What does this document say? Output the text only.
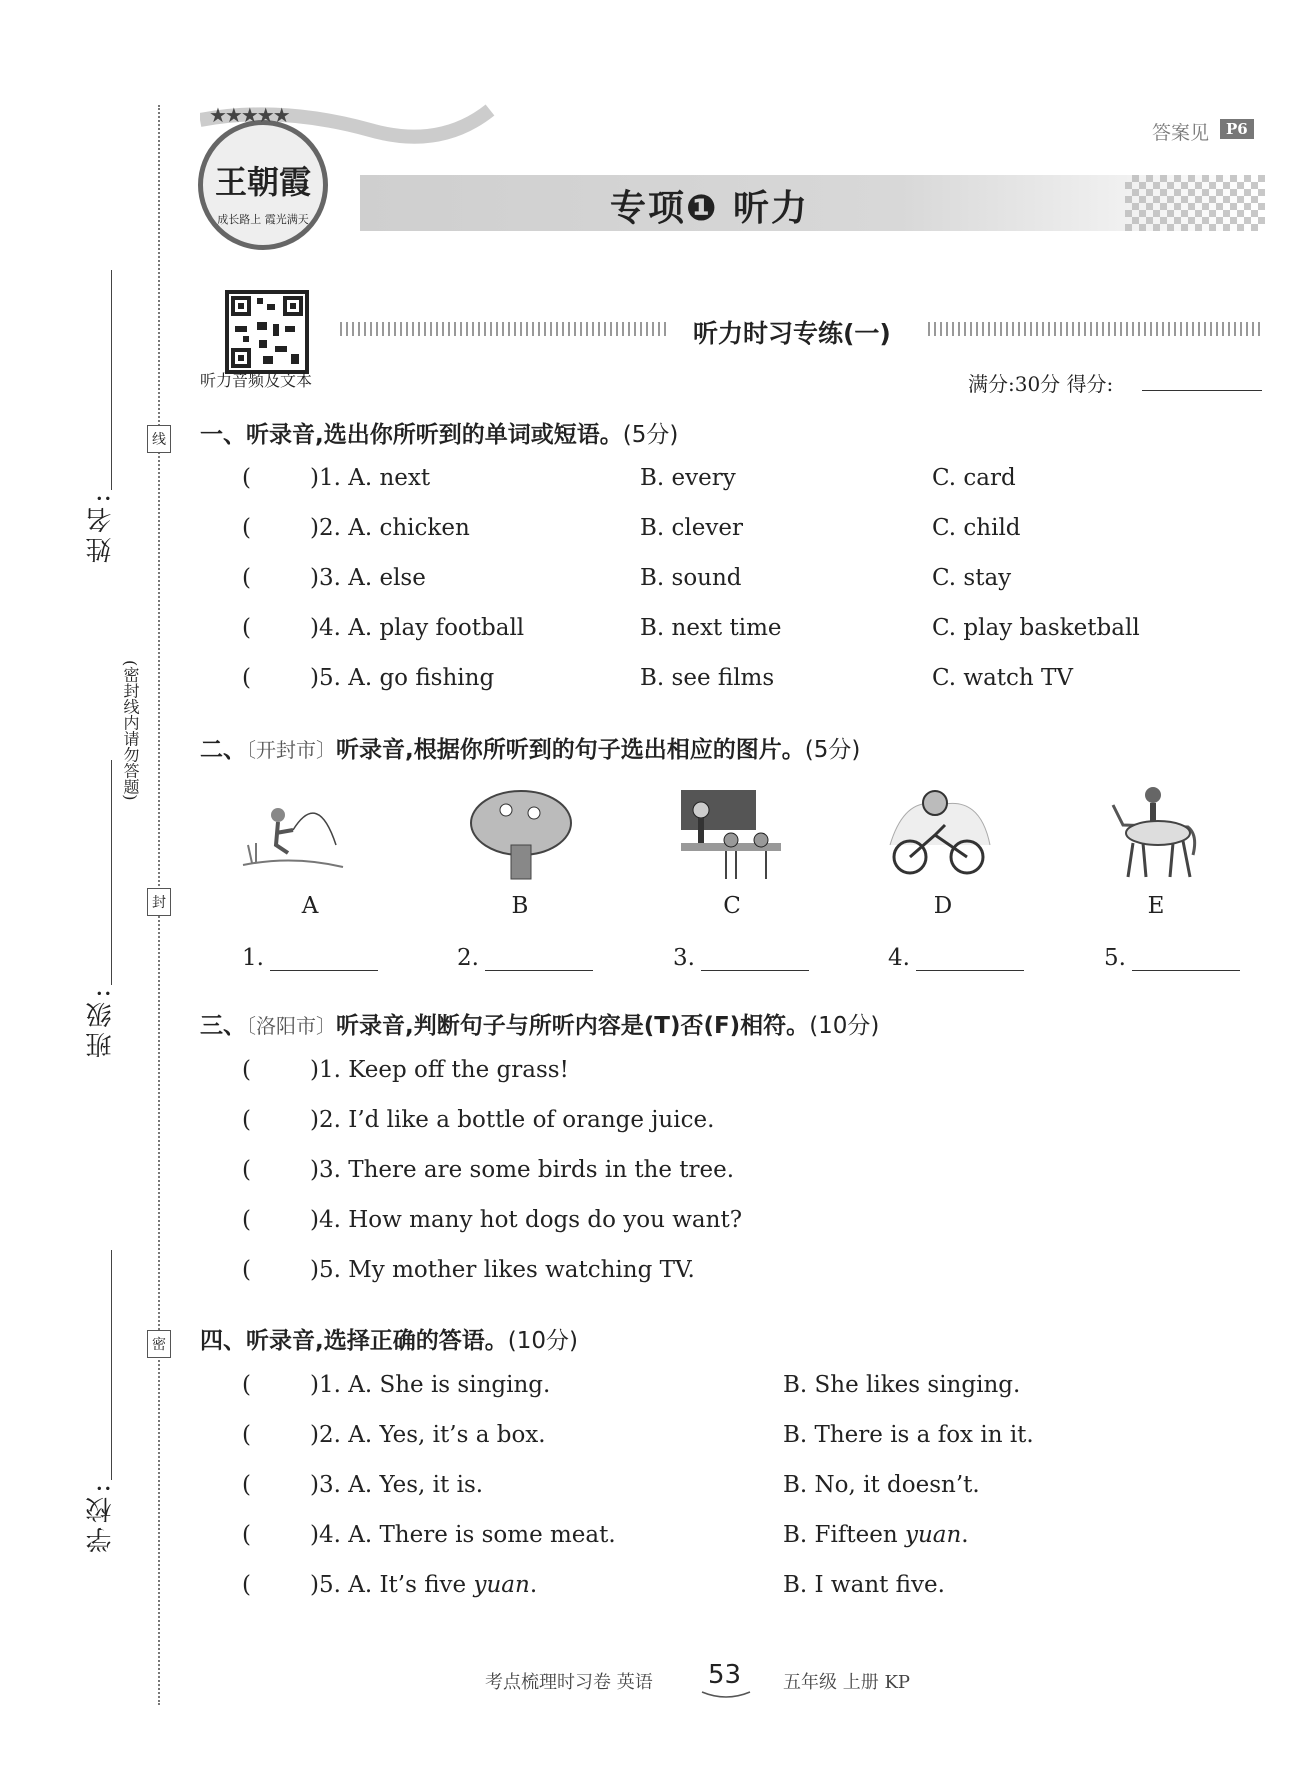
线
封
密
(密封线内请勿答题)
姓名:
班级:
学校:
★★★★★
王朝霞
成长路上 霞光满天
答案见	P6
专项❶ 听力
听力音频及文本
听力时习专练(一)
满分:30分 得分:
一、听录音,选出你所听到的单词或短语。(5分)
(	)1. A. next	B. every	C. card
(	)2. A. chicken	B. clever	C. child
(	)3. A. else	B. sound	C. stay
(	)4. A. play football	B. next time	C. play basketball
(	)5. A. go fishing	B. see films	C. watch TV
二、〔开封市〕听录音,根据你所听到的句子选出相应的图片。(5分)
A	B	C	D	E
1.	2.	3.	4.	5.
三、〔洛阳市〕听录音,判断句子与所听内容是(T)否(F)相符。(10分)
(	)1. Keep off the grass!
(	)2. I’d like a bottle of orange juice.
(	)3. There are some birds in the tree.
(	)4. How many hot dogs do you want?
(	)5. My mother likes watching TV.
四、听录音,选择正确的答语。(10分)
(	)1. A. She is singing.	B. She likes singing.
(	)2. A. Yes, it’s a box.	B. There is a fox in it.
(	)3. A. Yes, it is.	B. No, it doesn’t.
(	)4. A. There is some meat.	B. Fifteen yuan.
(	)5. A. It’s five yuan.	B. I want five.
考点梳理时习卷 英语 53 五年级 上册 KP
